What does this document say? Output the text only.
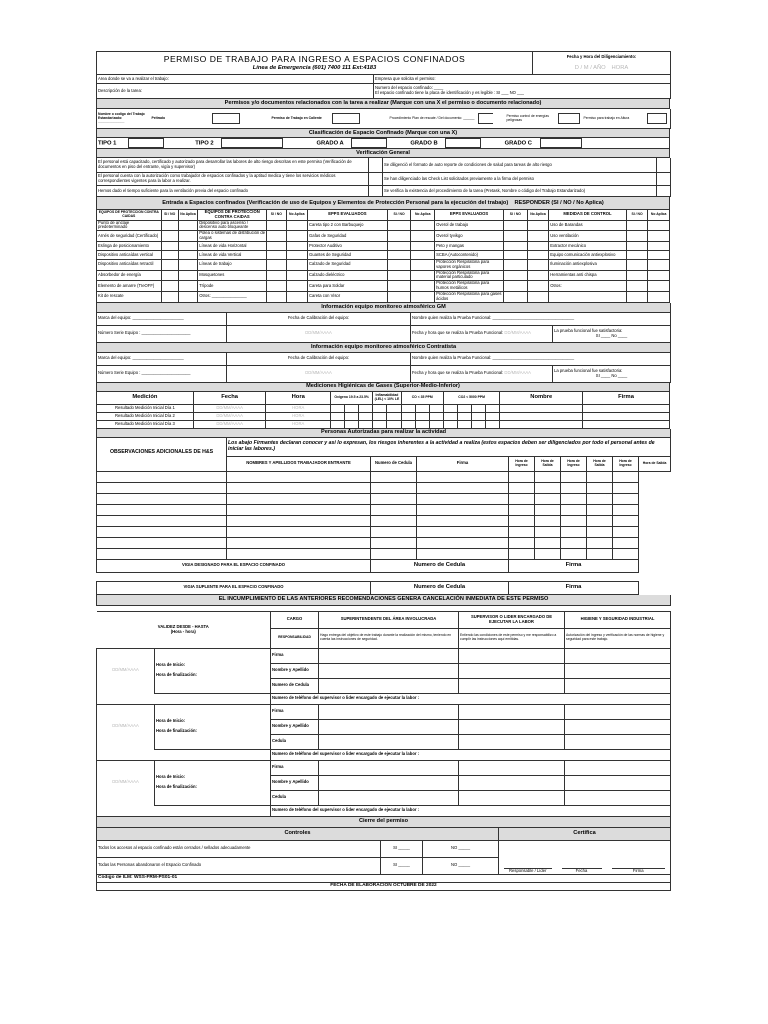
PERMISO DE TRABAJO PARA INGRESO A ESPACIOS CONFINADOS
Línea de Emergencia (601) 7400 111 Ext:4183

Fecha y Hora del Diligenciamiento:
D / M / AÑO HORA
Area donde se va a realizar el trabajo:	Empresa que solicita el permiso:
Descripción de la tarea:	Numero del espacio confinado: ____
El espacio confinado tiene la placa de identificación y es legible : SI ___ NO ___
Permisos y/o documentos relacionados con la tarea a realizar (Marque con una X el permiso o documento relacionado)
Nombre o codigo del Trabajo Estandarizado: ______________	Peltrado			Permiso de Trabajo en Caliente			Procedimiento Plan de rescate / Del documento: ______		Permiso control de energías peligrosas		Permiso para trabajo en Altura	
Clasificación de Espacio Confinado (Marque con una X)
TIPO 1	TIPO 2	GRADO A	GRADO B	GRADO C
Verificación General
El personal está capacitado, certificado y autorizado para desarrollar las labores de alto riesgo descritas en este permiso (Verificación de documentos en piso del entrante, vigía y supervisor)		Se diligenció el formato de auto reporte de condiciones de salud para tareas de alto riesgo	
El personal cuenta con la autorización como trabajador de espacios confinados y la aptitud medica y tiene los servicios médicos correspondientes vigentes para la labor a realizar.		Se han diligenciado las Check List solicitados previamente a la firma del permiso	
Hemos dado el tiempo suficiente para la ventilación previa del espacio confinado		Se verifica la existencia del procedimiento de la tarea (Pretask, Nombre o código del Trabajo Estandarizado)	
Entrada a Espacios confinados (Verificación de uso de Equipos y Elementos de Protección Personal para la ejecución del trabajo) RESPONDER (SI / NO / No Aplica)
EQUIPOS DE PROTECCION CONTRA CAIDAS	SI / NO	No Aplica	EQUIPOS DE PROTECCION CONTRA CAIDAS	SI / NO	No Aplica	EPPS EVALUADOS	SI / NO	No Aplica	EPPS EVALUADOS	SI / NO	No Aplica	MEDIDAS DE CONTROL	SI / NO	No Aplica
Punto de anclaje predeterminado			Dispositivo para ascenso / descenso auto bloqueante			Careta tipo 2 con Barbuquejo			Overol de trabajo			Uso de Barandas		
Arnés de seguridad (Certificado)			Polea o sistemas de distribución de cargas			Gafas de Seguridad			Overol tyvikgo			Uso ventilación		
Eslinga de posicionamiento			Líneas de vida Horizontal			Protector Auditivo			Peto y mangas			Extractor mecánico		
Dispositivo anticaídas vertical			Líneas de vida Vertical			Guantes de Seguridad			SCBA (Autocontenido)			Equipo comunicación antiexplosivo		
Dispositivo anticaídas retractil			Líneas de trabajo			Calzado de Seguridad			Protección Respiratoria para vapores orgánicos			Iluminación antiexplosiva		
Absorbedor de energía			Mosquetones			Calzado dieléctrico			Protección Respiratoria para material particulado			Herramientas anti chispa		
Elemento de amarre (TIeOFF)			Trípode			Careta para Soldar			Protección Respiratoria para humos metálicos			Otros:		
Kit de rescate			Otros: _______________			Careta con Visor			Protección Respiratoria para gases ácidos					
Información equipo monitoreo atmosférico GM			
Marca del equipo: ______________________	Fecha de Calibración del equipo:	Nombre quien realiza la Prueba Funcional: ___________________________________	
Número Serie Equipo : _____________________	DD/MM/AAAA	Fecha y hora que se realiza la Prueba Funcional: DD/MM/AAAA	La prueba funcional fue satisfactoria:
SI ____ No ____
Información equipo monitoreo atmosférico Contratista			
Marca del equipo: ______________________	Fecha de Calibración del equipo:	Nombre quien realiza la Prueba Funcional: ___________________________________	
Número Serie Equipo : _____________________	DD/MM/AAAA	Fecha y hora que se realiza la Prueba Funcional: DD/MM/AAAA	La prueba funcional fue satisfactoria:
SI ____ No ____
Mediciones Higiénicas de Gases (Superior-Medio-Inferior)
Medición	Fecha	Hora	Oxigeno 19.5 a 23.5%			Inflamabilidad (LEL) < 10% LE		CO < 35 PPM			CO2 < 5000 PPM				Nombre	Firma
Resultado Medición Inicial Día 1	DD/MM/AAAA	HORA														
Resultado Medición Inicial Día 2	DD/MM/AAAA	HORA														
Resultado Medición Inicial Día 3	DD/MM/AAAA	HORA														
Personas Autorizadas para realizar la actividad									
OBSERVACIONES ADICIONALES DE H&S	Los abajo Firmantes declaran conocer y asi lo expresan, los riesgos inherentes a la actividad a realiza (estos espacios deben ser diligenciados por todo el personal antes de iniciar las labores.)								
	NOMBRES Y APELLIDOS TRABAJADOR ENTRANTE	Numero de Cedula	Firma	Hora de Ingreso	Hora de Salida	Hora de Ingreso	Hora de Salida	Hora de Ingreso	Hora de Salida

VIGIA DESIGNADO PARA EL ESPACIO CONFINADO		Numero de Cedula		Firma					

VIGIA SUPLENTE PARA EL ESPACIO CONFINADO		Numero de Cedula		Firma					
EL INCUMPLIMIENTO DE LAS ANTERIORES RECOMENDACIONES GENERA CANCELACIÓN INMEDIATA DE ESTE PERMISO					

VALIDEZ DESDE - HASTA
(Hora - hora)		CARGO	SUPERINTENDENTE DEL ÁREA INVOLUCRADA	SUPERVISOR O LIDER ENCARGADO DE EJECUTAR LA LABOR	HIGIENE Y SEGURIDAD INDUSTRIAL
		RESPONSABILIDAD	Hago entrega del objetivo de este trabajo durante la realización del mismo, teniendo en cuenta las instrucciones de seguridad.	Entiendo las condiciones de este permiso y me responsabilizo a cumplir las instrucciones aquí emitidas.	Autorización del ingreso y verificación de las normas de higiene y seguridad para este trabajo.
DD/MM/AAAA	Hora de Inicio:
Hora de finalización:	Firma			
		Nombre y Apellido			
		Numero de Cedula			
		Numero de teléfono del supervisor o lider encargado de ejecutar la labor :			
DD/MM/AAAA	Hora de Inicio:
Hora de finalización:	Firma			
		Nombre y Apellido			
		Cedula			
		Numero de teléfono del supervisor o lider encargado de ejecutar la labor :			
DD/MM/AAAA	Hora de Inicio:
Hora de finalización:	Firma			
		Nombre y Apellido			
		Cedula			
		Numero de teléfono del supervisor o lider encargado de ejecutar la labor :			
Cierre del permiso					
Controles			Certifica		
Todos los accesos al espacio confinado están cerrados / sellados adecuadamente	SI _____	NO _____	Responsable / Líder	Fecha	Firma

Todas las Personas abandonaron el Espacio Confinado	SI _____	NO _____			
Código de ILM: WSS-FRM-PS01-01					
FECHA DE ELABORACIÓN OCTUBRE DE 2022					
